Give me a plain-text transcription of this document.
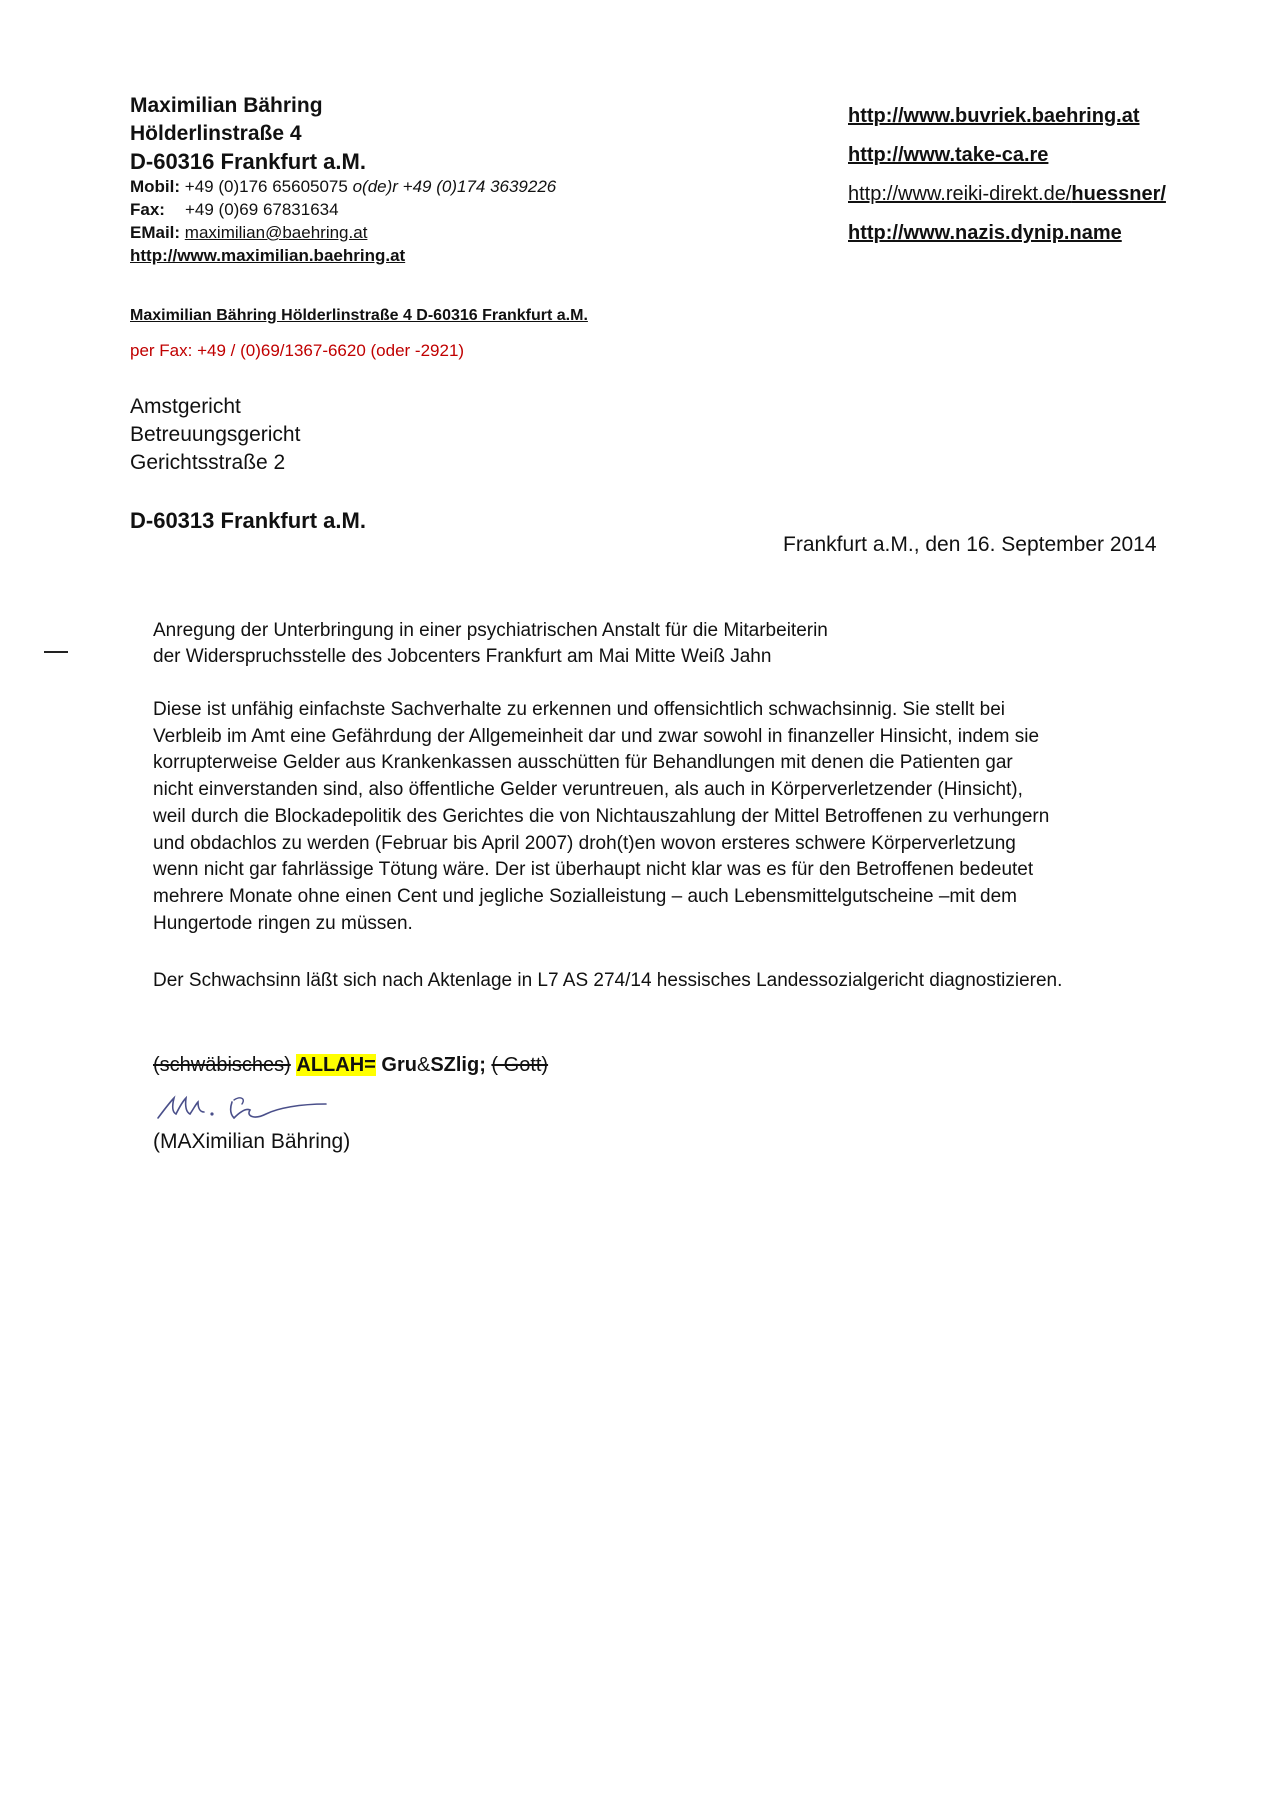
Maximilian Bähring
Hölderlinstraße 4
D-60316 Frankfurt a.M.
Mobil: +49 (0)176 65605075 o(de)r +49 (0)174 3639226
Fax: +49 (0)69 67831634
EMail: maximilian@baehring.at
http://www.maximilian.baehring.at
http://www.buvriek.baehring.at
http://www.take-ca.re
http://www.reiki-direkt.de/huessner/
http://www.nazis.dynip.name
Maximilian Bähring Hölderlinstraße 4 D-60316 Frankfurt a.M.
per Fax: +49 / (0)69/1367-6620 (oder -2921)
Amstgericht
Betreuungsgericht
Gerichtsstraße 2
D-60313 Frankfurt a.M.
Frankfurt a.M., den 16. September 2014
Anregung der Unterbringung in einer psychiatrischen Anstalt für die Mitarbeiterin
der Widerspruchsstelle des Jobcenters Frankfurt am Mai Mitte Weiß Jahn
Diese ist unfähig einfachste Sachverhalte zu erkennen und offensichtlich schwachsinnig. Sie stellt bei
Verbleib im Amt eine Gefährdung der Allgemeinheit dar und zwar sowohl in finanzeller Hinsicht, indem sie
korrupterweise Gelder aus Krankenkassen ausschütten für Behandlungen mit denen die Patienten gar
nicht einverstanden sind, also öffentliche Gelder veruntreuen, als auch in Körperverletzender (Hinsicht),
weil durch die Blockadepolitik des Gerichtes die von Nichtauszahlung der Mittel Betroffenen zu verhungern
und obdachlos zu werden (Februar bis April 2007) droh(t)en wovon ersteres schwere Körperverletzung
wenn nicht gar fahrlässige Tötung wäre. Der ist überhaupt nicht klar was es für den Betroffenen bedeutet
mehrere Monate ohne einen Cent und jegliche Sozialleistung – auch Lebensmittelgutscheine –mit dem
Hungertode ringen zu müssen.
Der Schwachsinn läßt sich nach Aktenlage in L7 AS 274/14 hessisches Landessozialgericht diagnostizieren.
(schwäbisches) ALLAH= Gru&SZlig; ( Gott)
(MAXimilian Bähring)
